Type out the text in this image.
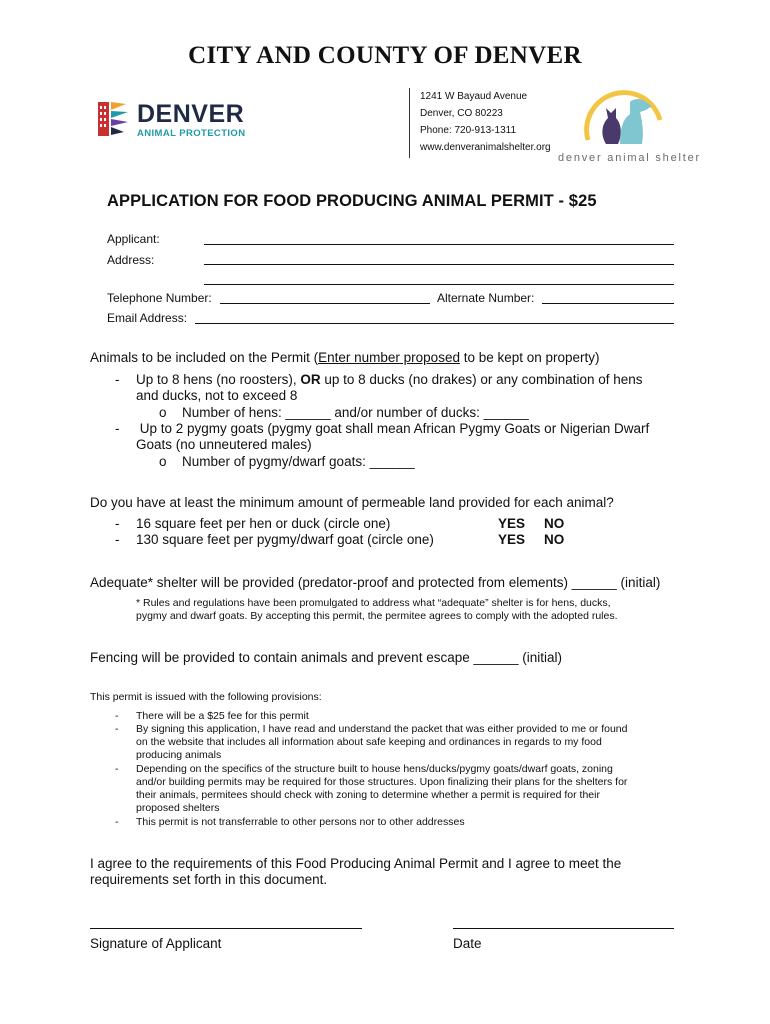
CITY AND COUNTY OF DENVER
DENVER
ANIMAL PROTECTION
1241 W Bayaud Avenue
Denver, CO 80223
Phone: 720-913-1311
www.denveranimalshelter.org
denver animal shelter
APPLICATION FOR FOOD PRODUCING ANIMAL PERMIT - $25
Applicant:
Address:
Telephone Number:	Alternate Number:
Email Address:
Animals to be included on the Permit (Enter number proposed to be kept on property)
- Up to 8 hens (no roosters), OR up to 8 ducks (no drakes) or any combination of hens
and ducks, not to exceed 8
o Number of hens: ______ and/or number of ducks: ______
- Up to 2 pygmy goats (pygmy goat shall mean African Pygmy Goats or Nigerian Dwarf
Goats (no unneutered males)
o Number of pygmy/dwarf goats: ______
Do you have at least the minimum amount of permeable land provided for each animal?
- 16 square feet per hen or duck (circle one)	YES NO
- 130 square feet per pygmy/dwarf goat (circle one)	YES NO
Adequate* shelter will be provided (predator-proof and protected from elements) ______ (initial)
* Rules and regulations have been promulgated to address what “adequate” shelter is for hens, ducks,
pygmy and dwarf goats. By accepting this permit, the permitee agrees to comply with the adopted rules.
Fencing will be provided to contain animals and prevent escape ______ (initial)
This permit is issued with the following provisions:
- There will be a $25 fee for this permit
- By signing this application, I have read and understand the packet that was either provided to me or found
on the website that includes all information about safe keeping and ordinances in regards to my food
producing animals
- Depending on the specifics of the structure built to house hens/ducks/pygmy goats/dwarf goats, zoning
and/or building permits may be required for those structures. Upon finalizing their plans for the shelters for
their animals, permitees should check with zoning to determine whether a permit is required for their
proposed shelters
- This permit is not transferrable to other persons nor to other addresses
I agree to the requirements of this Food Producing Animal Permit and I agree to meet the
requirements set forth in this document.
Signature of Applicant	Date
